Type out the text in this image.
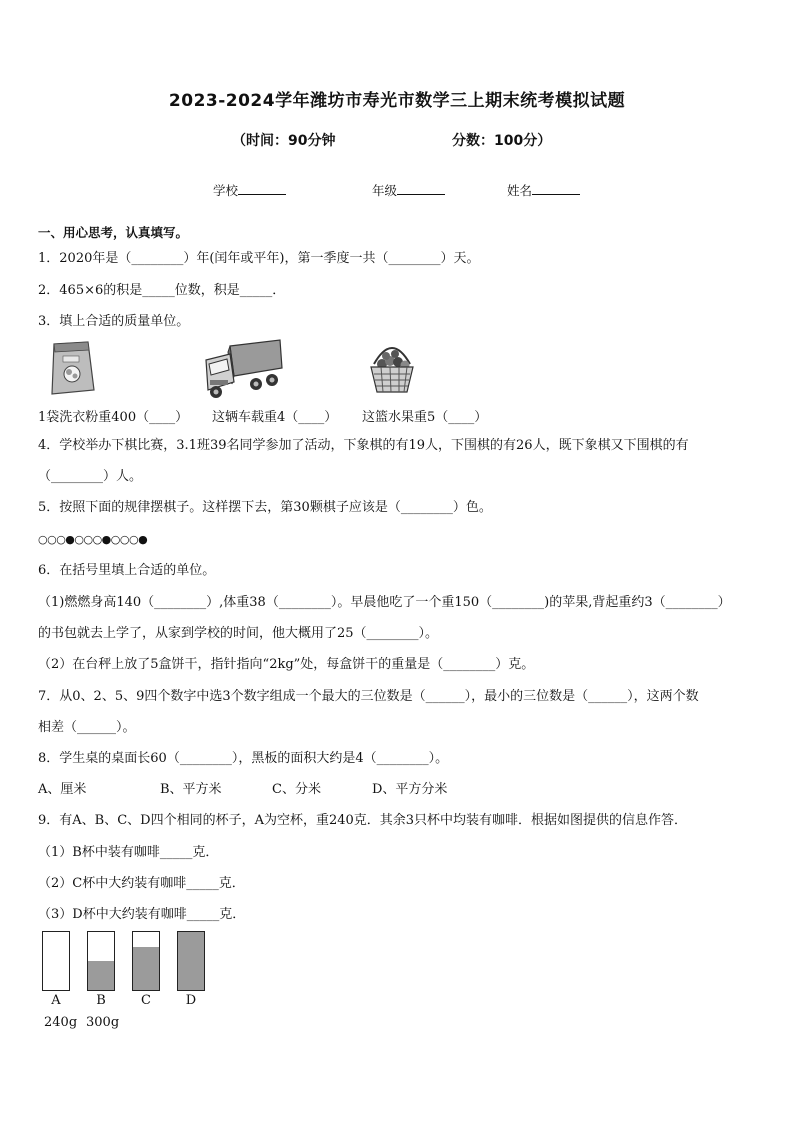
2023-2024学年潍坊市寿光市数学三上期末统考模拟试题
（时间：90分钟	分数：100分）
学校	年级	姓名
一、用心思考，认真填写。
1．2020年是（________）年(闰年或平年)，第一季度一共（________）天。
2．465×6的积是_____位数，积是_____．
3．填上合适的质量单位。
1袋洗衣粉重400（____） 这辆车载重4（____） 这篮水果重5（____）
4．学校举办下棋比赛，3.1班39名同学参加了活动，下象棋的有19人，下围棋的有26人，既下象棋又下围棋的有
（________）人。
5．按照下面的规律摆棋子。这样摆下去，第30颗棋子应该是（________）色。
○○○●○○○●○○○●
6．在括号里填上合适的单位。
（1)燃燃身高140（________）,体重38（________）。早晨他吃了一个重150（________)的苹果,背起重约3（________）
的书包就去上学了，从家到学校的时间，他大概用了25（________）。
（2）在台秤上放了5盒饼干，指针指向“2kg”处，每盒饼干的重量是（________）克。
7．从0、2、5、9四个数字中选3个数字组成一个最大的三位数是（______），最小的三位数是（______），这两个数
相差（______）。
8．学生桌的桌面长60（________），黑板的面积大约是4（________）。
A、厘米	B、平方米	C、分米	D、平方分米
9．有A、B、C、D四个相同的杯子，A为空杯，重240克．其余3只杯中均装有咖啡．根据如图提供的信息作答．
（1）B杯中装有咖啡_____克．
（2）C杯中大约装有咖啡_____克．
（3）D杯中大约装有咖啡_____克．
A	B	C	D
240g 300g
